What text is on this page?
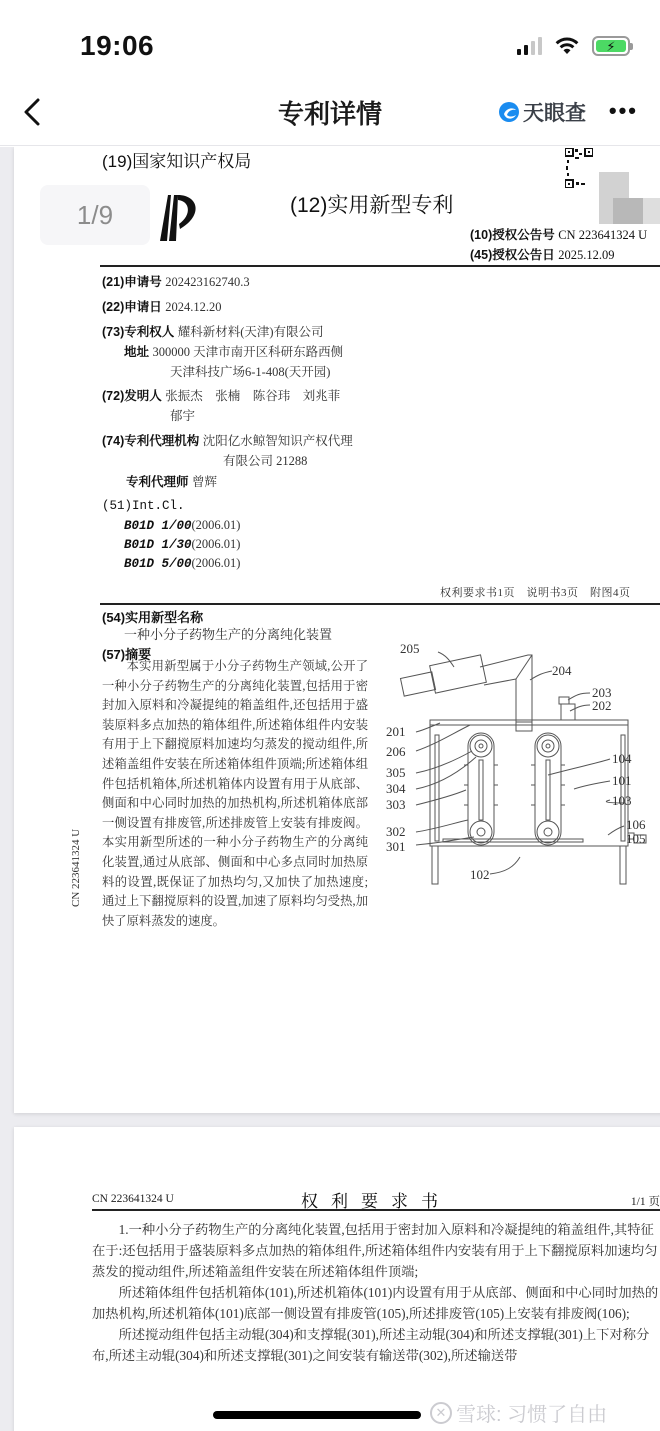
19:06	⚡
专利详情	天眼查 •••
(19)国家知识产权局
1/9	(12)实用新型专利
(10)授权公告号 CN 223641324 U
(45)授权公告日 2025.12.09
(21)申请号 202423162740.3
(22)申请日 2024.12.20
(73)专利权人 耀科新材料(天津)有限公司
地址 300000 天津市南开区科研东路西侧
天津科技广场6-1-408(天开园)
(72)发明人 张振杰　张楠　陈谷玮　刘兆菲
郁宇
(74)专利代理机构 沈阳亿水鲸智知识产权代理
有限公司 21288
专利代理师 曾辉
(51)Int.Cl.
B01D 1/00(2006.01)
B01D 1/30(2006.01)
B01D 5/00(2006.01)
权利要求书1页　说明书3页　附图4页
(54)实用新型名称
一种小分子药物生产的分离纯化装置
(57)摘要

本实用新型属于小分子药物生产领域,公开了一种小分子药物生产的分离纯化装置,包括用于密封加入原料和冷凝提纯的箱盖组件,还包括用于盛装原料多点加热的箱体组件,所述箱体组件内安装有用于上下翻搅原料加速均匀蒸发的搅动组件,所述箱盖组件安装在所述箱体组件顶端;所述箱体组件包括机箱体,所述机箱体内设置有用于从底部、侧面和中心同时加热的加热机构,所述机箱体底部一侧设置有排废管,所述排废管上安装有排废阀。本实用新型所述的一种小分子药物生产的分离纯化装置,通过从底部、侧面和中心多点同时加热原料的设置,既保证了加热均匀,又加快了加热速度;通过上下翻搅原料的设置,加速了原料均匀受热,加快了原料蒸发的速度。

CN 223641324 U
205
204
203
202
201
206
305
304
303
302
301
104
101
103
106
105
102
CN 223641324 U	权利要求书	1/1 页

1.一种小分子药物生产的分离纯化装置,包括用于密封加入原料和冷凝提纯的箱盖组件,其特征在于:还包括用于盛装原料多点加热的箱体组件,所述箱体组件内安装有用于上下翻搅原料加速均匀蒸发的搅动组件,所述箱盖组件安装在所述箱体组件顶端;

所述箱体组件包括机箱体(101),所述机箱体(101)内设置有用于从底部、侧面和中心同时加热的加热机构,所述机箱体(101)底部一侧设置有排废管(105),所述排废管(105)上安装有排废阀(106);

所述搅动组件包括主动辊(304)和支撑辊(301),所述主动辊(304)和所述支撑辊(301)上下对称分布,所述主动辊(304)和所述支撑辊(301)之间安装有输送带(302),所述输送带

✕ 雪球: 习惯了自由
